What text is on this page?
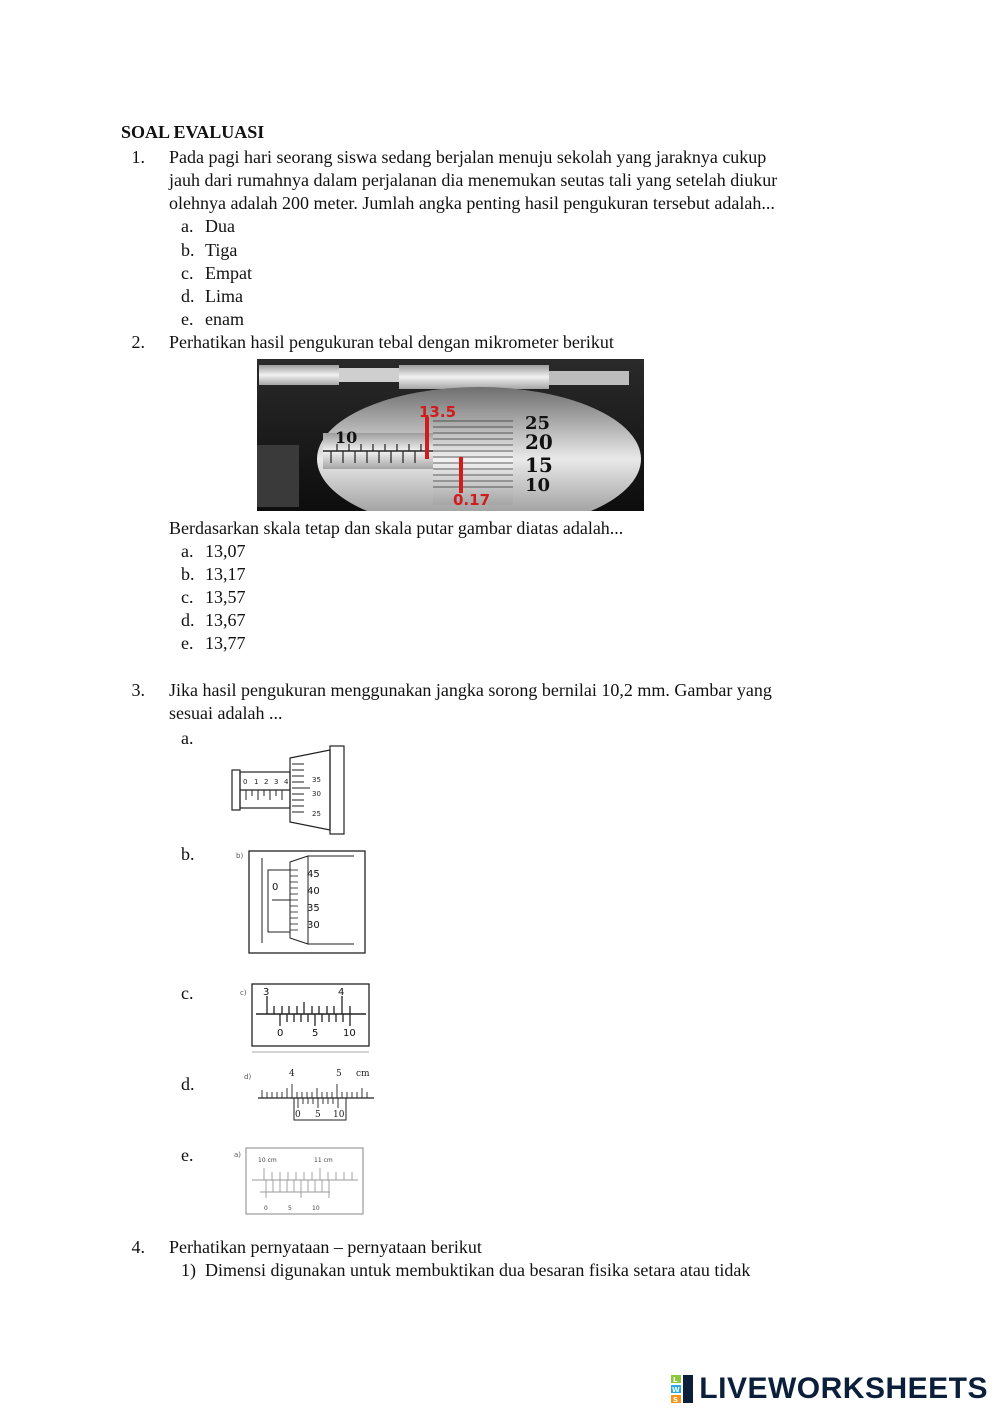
SOAL EVALUASI
1. Pada pagi hari seorang siswa sedang berjalan menuju sekolah yang jaraknya cukup
jauh dari rumahnya dalam perjalanan dia menemukan seutas tali yang setelah diukur
olehnya adalah 200 meter. Jumlah angka penting hasil pengukuran tersebut adalah...
a. Dua
b. Tiga
c. Empat
d. Lima
e. enam
2. Perhatikan hasil pengukuran tebal dengan mikrometer berikut
10
25
20
15
10
13.5
0.17
Berdasarkan skala tetap dan skala putar gambar diatas adalah...
a. 13,07
b. 13,17
c. 13,57
d. 13,67
e. 13,77
3. Jika hasil pengukuran menggunakan jangka sorong bernilai 10,2 mm. Gambar yang
sesuai adalah ...
a.
0 1 2 3 4	35
30
25
b.	b)
0
45
40
35
30
c.	c) 3	4
0	5 10
d.	d)	4	5 cm
0 5 10
e.	a)
10 cm	11 cm
0	5	10
4. Perhatikan pernyataan – pernyataan berikut
1) Dimensi digunakan untuk membuktikan dua besaran fisika setara atau tidak
L
W
S LIVEWORKSHEETS
